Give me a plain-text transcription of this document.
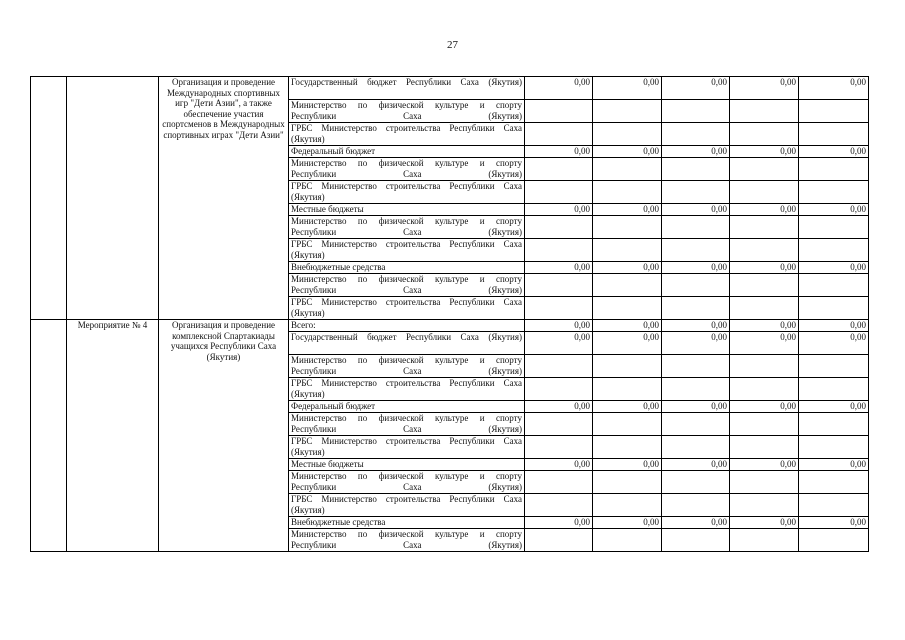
27
		Организация и проведение Международных спортивных игр "Дети Азии", а также обеспечение участия спортсменов в Международных спортивных играх "Дети Азии"	Государственный бюджет Республики Саха (Якутия)	0,00	0,00	0,00	0,00	0,00
			Министерство по физической культуре и спорту Республики Саха (Якутия)					
			ГРБС Министерство строительства Республики Саха (Якутия)					
			Федеральный бюджет	0,00	0,00	0,00	0,00	0,00
			Министерство по физической культуре и спорту Республики Саха (Якутия)					
			ГРБС Министерство строительства Республики Саха (Якутия)					
			Местные бюджеты	0,00	0,00	0,00	0,00	0,00
			Министерство по физической культуре и спорту Республики Саха (Якутия)					
			ГРБС Министерство строительства Республики Саха (Якутия)					
			Внебюджетные средства	0,00	0,00	0,00	0,00	0,00
			Министерство по физической культуре и спорту Республики Саха (Якутия)					
			ГРБС Министерство строительства Республики Саха (Якутия)					
	Мероприятие № 4	Организация и проведение комплексной Спартакиады учащихся Республики Саха (Якутия)	Всего:	0,00	0,00	0,00	0,00	0,00
			Государственный бюджет Республики Саха (Якутия)	0,00	0,00	0,00	0,00	0,00
			Министерство по физической культуре и спорту Республики Саха (Якутия)					
			ГРБС Министерство строительства Республики Саха (Якутия)					
			Федеральный бюджет	0,00	0,00	0,00	0,00	0,00
			Министерство по физической культуре и спорту Республики Саха (Якутия)					
			ГРБС Министерство строительства Республики Саха (Якутия)					
			Местные бюджеты	0,00	0,00	0,00	0,00	0,00
			Министерство по физической культуре и спорту Республики Саха (Якутия)					
			ГРБС Министерство строительства Республики Саха (Якутия)					
			Внебюджетные средства	0,00	0,00	0,00	0,00	0,00
			Министерство по физической культуре и спорту Республики Саха (Якутия)					
